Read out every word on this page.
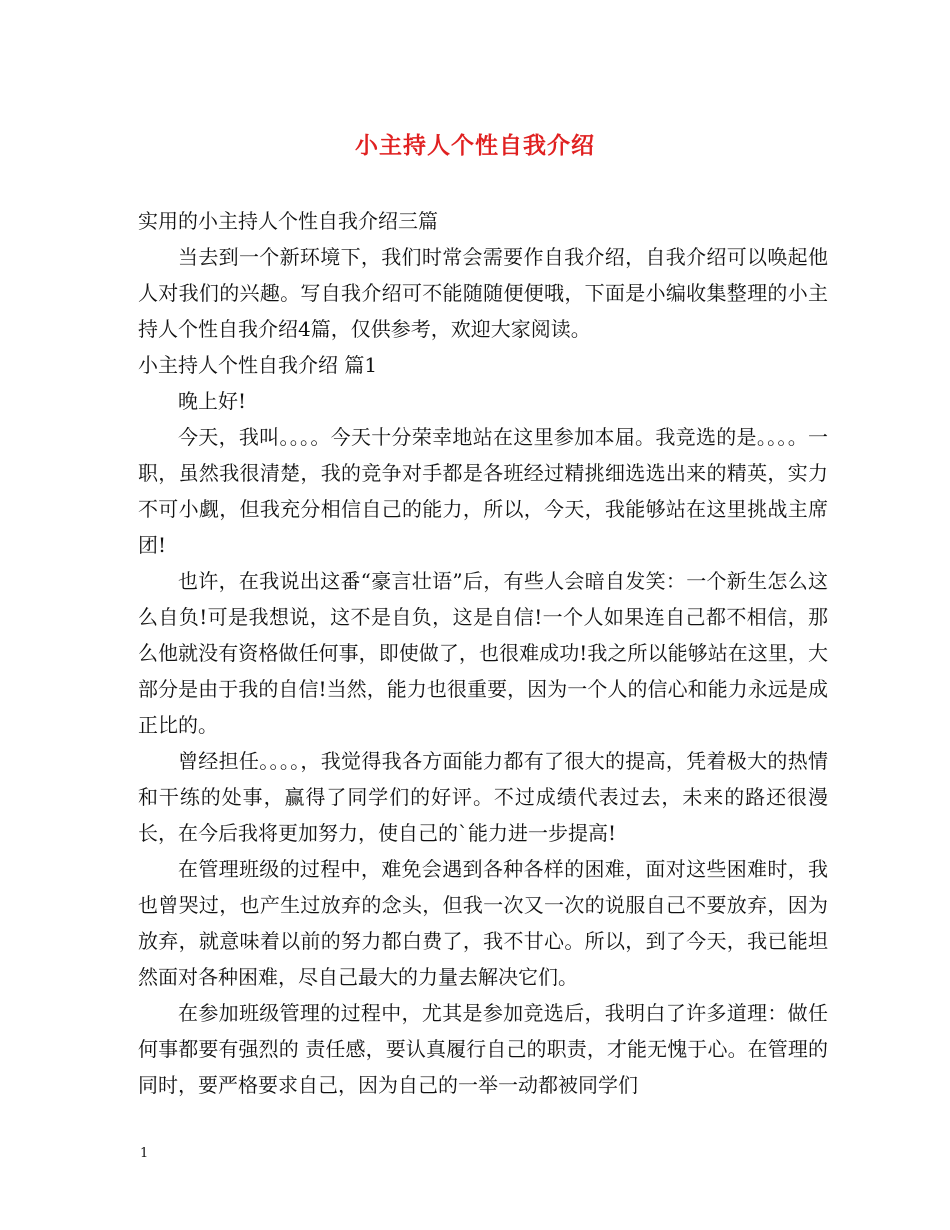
小主持人个性自我介绍

实用的小主持人个性自我介绍三篇

当去到一个新环境下，我们时常会需要作自我介绍，自我介绍可以唤起他人对我们的兴趣。写自我介绍可不能随随便便哦，下面是小编收集整理的小主持人个性自我介绍4篇，仅供参考，欢迎大家阅读。

小主持人个性自我介绍 篇1

晚上好!

今天，我叫。。。。今天十分荣幸地站在这里参加本届。我竞选的是。。。。一职，虽然我很清楚，我的竞争对手都是各班经过精挑细选选出来的精英，实力不可小觑，但我充分相信自己的能力，所以，今天，我能够站在这里挑战主席团!

也许，在我说出这番“豪言壮语”后，有些人会暗自发笑：一个新生怎么这么自负!可是我想说，这不是自负，这是自信!一个人如果连自己都不相信，那么他就没有资格做任何事，即使做了，也很难成功!我之所以能够站在这里，大部分是由于我的自信!当然，能力也很重要，因为一个人的信心和能力永远是成正比的。

曾经担任。。。。，我觉得我各方面能力都有了很大的提高，凭着极大的热情和干练的处事，赢得了同学们的好评。不过成绩代表过去，未来的路还很漫长，在今后我将更加努力，使自己的`能力进一步提高!

在管理班级的过程中，难免会遇到各种各样的困难，面对这些困难时，我也曾哭过，也产生过放弃的念头，但我一次又一次的说服自己不要放弃，因为放弃，就意味着以前的努力都白费了，我不甘心。所以，到了今天，我已能坦然面对各种困难，尽自己最大的力量去解决它们。

在参加班级管理的过程中，尤其是参加竞选后，我明白了许多道理：做任何事都要有强烈的 责任感，要认真履行自己的职责，才能无愧于心。在管理的同时，要严格要求自己，因为自己的一举一动都被同学们

1
